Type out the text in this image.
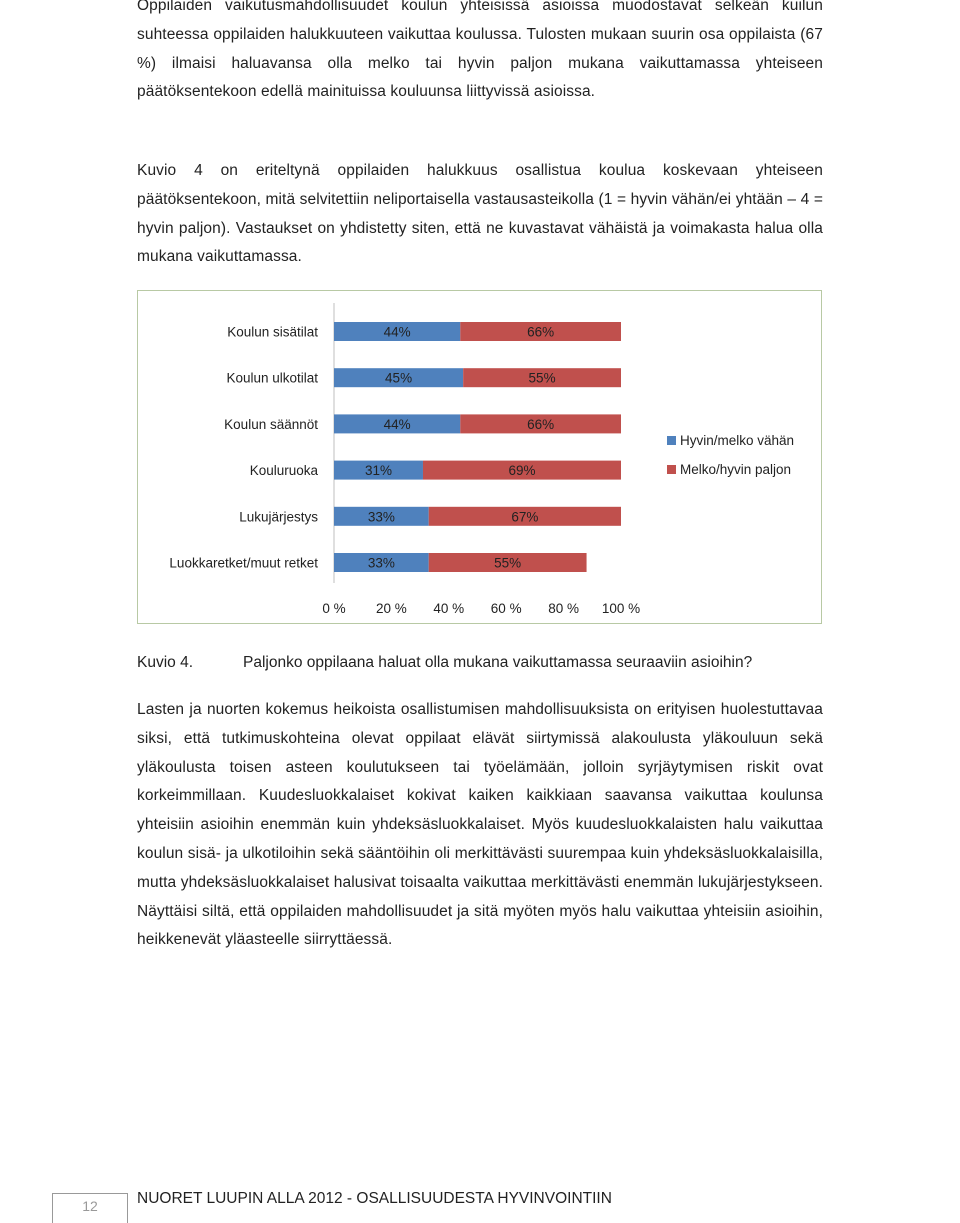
Oppilaiden vaikutusmahdollisuudet koulun yhteisissä asioissa muodostavat selkeän kuilun suhteessa oppilaiden halukkuuteen vaikuttaa koulussa. Tulosten mukaan suurin osa oppilaista (67 %) ilmaisi haluavansa olla melko tai hyvin paljon mukana vaikuttamassa yhteiseen päätöksentekoon edellä mainituissa kouluunsa liittyvissä asioissa.

Kuvio 4 on eriteltynä oppilaiden halukkuus osallistua koulua koskevaan yhteiseen päätöksentekoon, mitä selvitettiin neliportaisella vastausasteikolla (1 = hyvin vähän/ei yhtään – 4 = hyvin paljon). Vastaukset on yhdistetty siten, että ne kuvastavat vähäistä ja voimakasta halua olla mukana vaikuttamassa.

Koulun sisätilat	44%	66%
Koulun ulkotilat	45%	55%
Koulun säännöt	44%	66%
Kouluruoka	31%	69%
Lukujärjestys	33%	67%
Luokkaretket/muut retket	33%	55%
0 % 20 % 40 % 60 % 80 % 100 %
Hyvin/melko vähän
Melko/hyvin paljon
Kuvio 4.	Paljonko oppilaana haluat olla mukana vaikuttamassa seuraaviin asioihin?

Lasten ja nuorten kokemus heikoista osallistumisen mahdollisuuksista on erityisen huolestuttavaa siksi, että tutkimuskohteina olevat oppilaat elävät siirtymissä alakoulusta yläkouluun sekä yläkoulusta toisen asteen koulutukseen tai työelämään, jolloin syrjäytymisen riskit ovat korkeimmillaan. Kuudesluokkalaiset kokivat kaiken kaikkiaan saavansa vaikuttaa koulunsa yhteisiin asioihin enemmän kuin yhdeksäsluokkalaiset. Myös kuudesluokkalaisten halu vaikuttaa koulun sisä- ja ulkotiloihin sekä sääntöihin oli merkittävästi suurempaa kuin yhdeksäsluokkalaisilla, mutta yhdeksäsluokkalaiset halusivat toisaalta vaikuttaa merkittävästi enemmän lukujärjestykseen. Näyttäisi siltä, että oppilaiden mahdollisuudet ja sitä myöten myös halu vaikuttaa yhteisiin asioihin, heikkenevät yläasteelle siirryttäessä.

12	NUORET LUUPIN ALLA 2012 - OSALLISUUDESTA HYVINVOINTIIN
